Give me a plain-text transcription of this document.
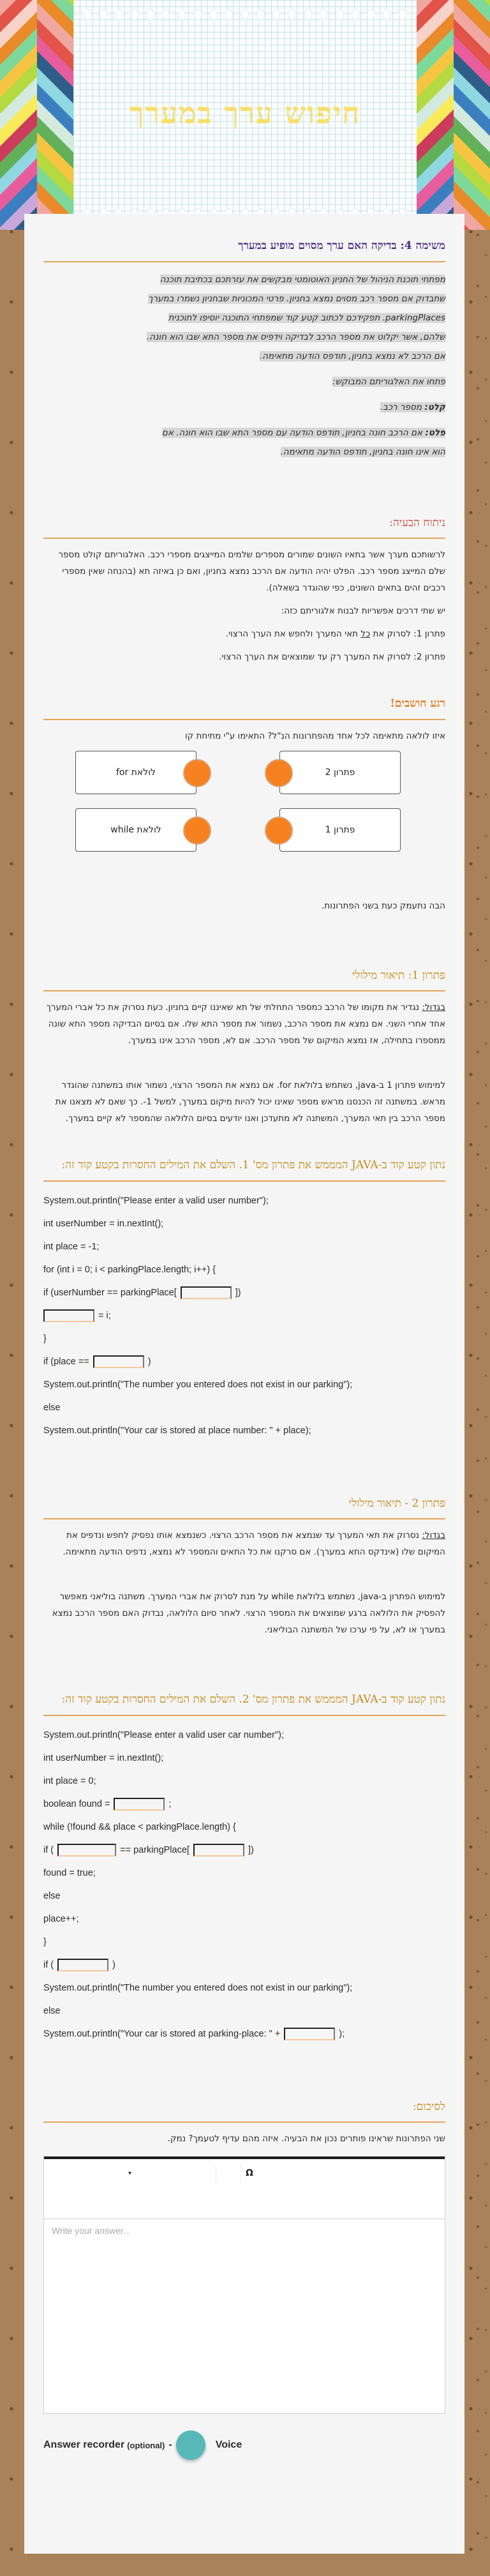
חיפוש ערך במערך
משימה 4: בדיקה האם ערך מסוים מופיע במערך

מפתחי תוכנת הניהול של החניון האוטומטי מבקשים את עזרתכם בכתיבת תוכנה
שתבדוק אם מספר רכב מסוים נמצא בחניון. פרטי המכוניות שבחניון נשמרו במערך
parkingPlaces. תפקידכם לכתוב קטע קוד שמפתחי התוכנה יוסיפו לתוכנית
שלהם, אשר יקלוט את מספר הרכב לבדיקה וידפיס את מספר התא שבו הוא חונה.
אם הרכב לא נמצא בחניון, תודפס הודעה מתאימה.

פתחו את האלגוריתם המבוקש:

קלט: מספר רכב.

פלט: אם הרכב חונה בחניון, תודפס הודעה עם מספר התא שבו הוא חונה. אם
הוא אינו חונה בחניון, תודפס הודעה מתאימה.

ניתוח הבעיה:

לרשותכם מערך אשר בתאיו השונים שמורים מספרים שלמים המייצגים מספרי רכב. האלגוריתם קולט מספר שלם המייצג מספר רכב. הפלט יהיה הודעה אם הרכב נמצא בחניון, ואם כן באיזה תא (בהנחה שאין מספרי רכבים זהים בתאים השונים, כפי שהוגדר בשאלה).

יש שתי דרכים אפשריות לבנות אלגוריתם כזה:

פתרון 1: לסרוק את כל תאי המערך ולחפש את הערך הרצוי.

פתרון 2: לסרוק את המערך רק עד שמוצאים את הערך הרצוי.

רגע חושבים!

איזו לולאה מתאימה לכל אחד מהפתרונות הנ"ל? התאימו ע"י מתיחת קו

לולאת for	פתרון 2
לולאת while	פתרון 1

הבה נתעמק כעת בשני הפתרונות.

פתרון 1: תיאור מילולי

בגדול: נגדיר את מקומו של הרכב כמספר התחלתי של תא שאיננו קיים בחניון. כעת נסרוק את כל אברי המערך אחד אחרי השני. אם נמצא את מספר הרכב, נשמור את מספר התא שלו. אם בסיום הבדיקה מספר התא שונה ממספרו בתחילה, אז נמצא המיקום של מספר הרכב. אם לא, מספר הרכב אינו במערך.

למימוש פתרון 1 ב-java, נשתמש בלולאת for. אם נמצא את המספר הרצוי, נשמור אותו במשתנה שהוגדר מראש. במשתנה זה הכנסנו מראש מספר שאינו יכול להיות מיקום במערך, למשל 1-. כך שאם לא מצאנו את מספר הרכב בין תאי המערך, המשתנה לא מתעדכן ואנו יודעים בסיום הלולאה שהמספר לא קיים במערך.

נתון קטע קוד ב-JAVA המממש את פתרון מס' 1. השלם את המילים החסרות בקטע קוד זה:
System.out.println("Please enter a valid user number");
int userNumber = in.nextInt();
int place = -1;
for (int i = 0; i < parkingPlace.length; i++) {
if (userNumber == parkingPlace[	])
= i;
}
if (place ==	)
System.out.println("The number you entered does not exist in our parking");
else
System.out.println("Your car is stored at place number: " + place);
פתרון 2 - תיאור מילולי

בגדול: נסרוק את תאי המערך עד שנמצא את מספר הרכב הרצוי. כשנמצא אותו נפסיק לחפש ונדפיס את המיקום שלו (אינדקס התא במערך). אם סרקנו את כל התאים והמספר לא נמצא, נדפיס הודעה מתאימה.

למימוש הפתרון ב-java, נשתמש בלולאת while על מנת לסרוק את אברי המערך. משתנה בוליאני מאפשר להפסיק את הלולאה ברגע שמוצאים את המספר הרצוי. לאחר סיום הלולאה, נבדוק האם מספר הרכב נמצא במערך או לא, על פי ערכו של המשתנה הבוליאני.

נתון קטע קוד ב-JAVA המממש את פתרון מס' 2. השלם את המילים החסרות בקטע קוד זה:
System.out.println("Please enter a valid user car number");
int userNumber = in.nextInt();
int place = 0;
boolean found =	;
while (!found && place < parkingPlace.length) {
if (	== parkingPlace[	])
found = true;
else
place++;
}
if (	)
System.out.println("The number you entered does not exist in our parking");
else
System.out.println("Your car is stored at parking-place: " +	);
לסיכום:

שני הפתרונות שראינו פותרים נכון את הבעיה. איזה מהם עדיף לטעמך? נמק.

▾	Ω
Write your answer...
Answer recorder (optional) -	Voice
